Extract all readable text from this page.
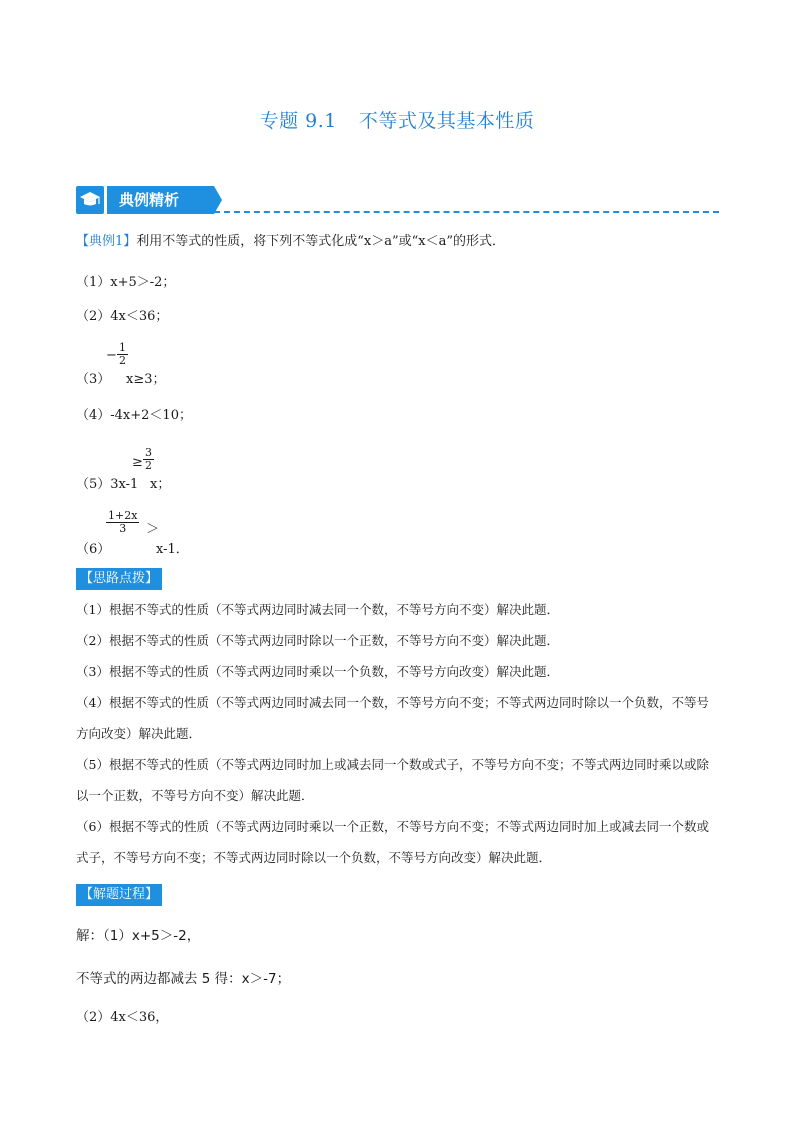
专题 9.1 不等式及其基本性质
典例精析
【典例1】利用不等式的性质，将下列不等式化成“x＞a”或“x＜a”的形式．
（1）x+5＞-2；
（2）4x＜36；
（3）
− $\frac{1}{2}$
x≥3；
（4）-4x+2＜10；
（5）3x-1
≥ $\frac{3}{2}$
x；
（6）
$\frac{1+2x}{3}$ ＞
x-1．
【思路点拨】
（1）根据不等式的性质（不等式两边同时减去同一个数，不等号方向不变）解决此题．
（2）根据不等式的性质（不等式两边同时除以一个正数，不等号方向不变）解决此题．
（3）根据不等式的性质（不等式两边同时乘以一个负数，不等号方向改变）解决此题．
（4）根据不等式的性质（不等式两边同时减去同一个数，不等号方向不变；不等式两边同时除以一个负数，不等号方向改变）解决此题．
（5）根据不等式的性质（不等式两边同时加上或减去同一个数或式子，不等号方向不变；不等式两边同时乘以或除以一个正数，不等号方向不变）解决此题．
（6）根据不等式的性质（不等式两边同时乘以一个正数，不等号方向不变；不等式两边同时加上或减去同一个数或式子，不等号方向不变；不等式两边同时除以一个负数，不等号方向改变）解决此题．
【解题过程】
解：（1）x+5＞-2，
不等式的两边都减去 5 得：x＞-7；
（2）4x＜36，
